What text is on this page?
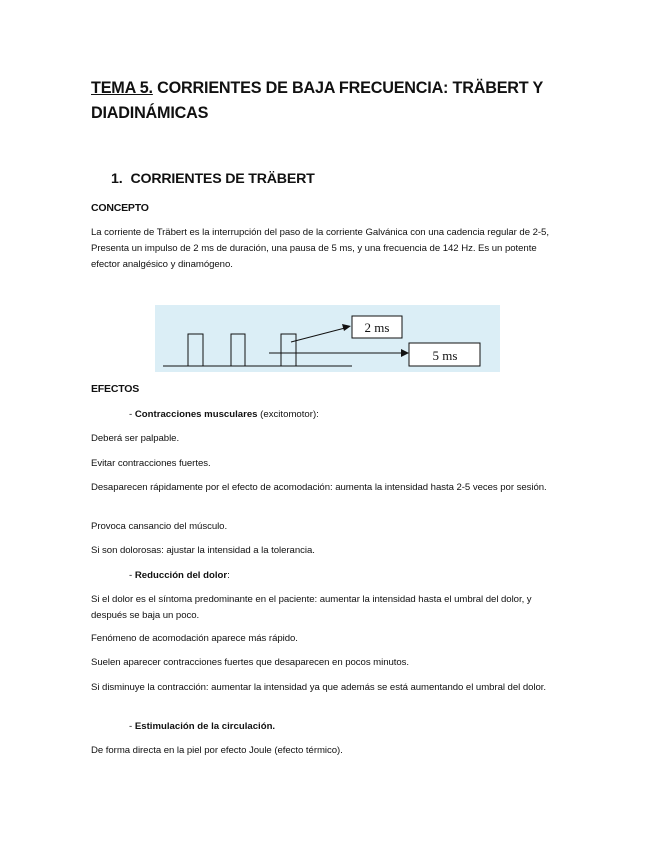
TEMA 5. CORRIENTES DE BAJA FRECUENCIA: TRÄBERT Y DIADINÁMICAS
1. CORRIENTES DE TRÄBERT

CONCEPTO

La corriente de Träbert es la interrupción del paso de la corriente Galvánica con una cadencia regular de 2-5, Presenta un impulso de 2 ms de duración, una pausa de 5 ms, y una frecuencia de 142 Hz. Es un potente efector analgésico y dinamógeno.

2 ms
5 ms

EFECTOS

- Contracciones musculares (excitomotor):

Deberá ser palpable.

Evitar contracciones fuertes.

Desaparecen rápidamente por el efecto de acomodación: aumenta la intensidad hasta 2-5 veces por sesión.

Provoca cansancio del músculo.

Si son dolorosas: ajustar la intensidad a la tolerancia.

- Reducción del dolor:

Si el dolor es el síntoma predominante en el paciente: aumentar la intensidad hasta el umbral del dolor, y después se baja un poco.

Fenómeno de acomodación aparece más rápido.

Suelen aparecer contracciones fuertes que desaparecen en pocos minutos.

Si disminuye la contracción: aumentar la intensidad ya que además se está aumentando el umbral del dolor.

- Estimulación de la circulación.

De forma directa en la piel por efecto Joule (efecto térmico).
